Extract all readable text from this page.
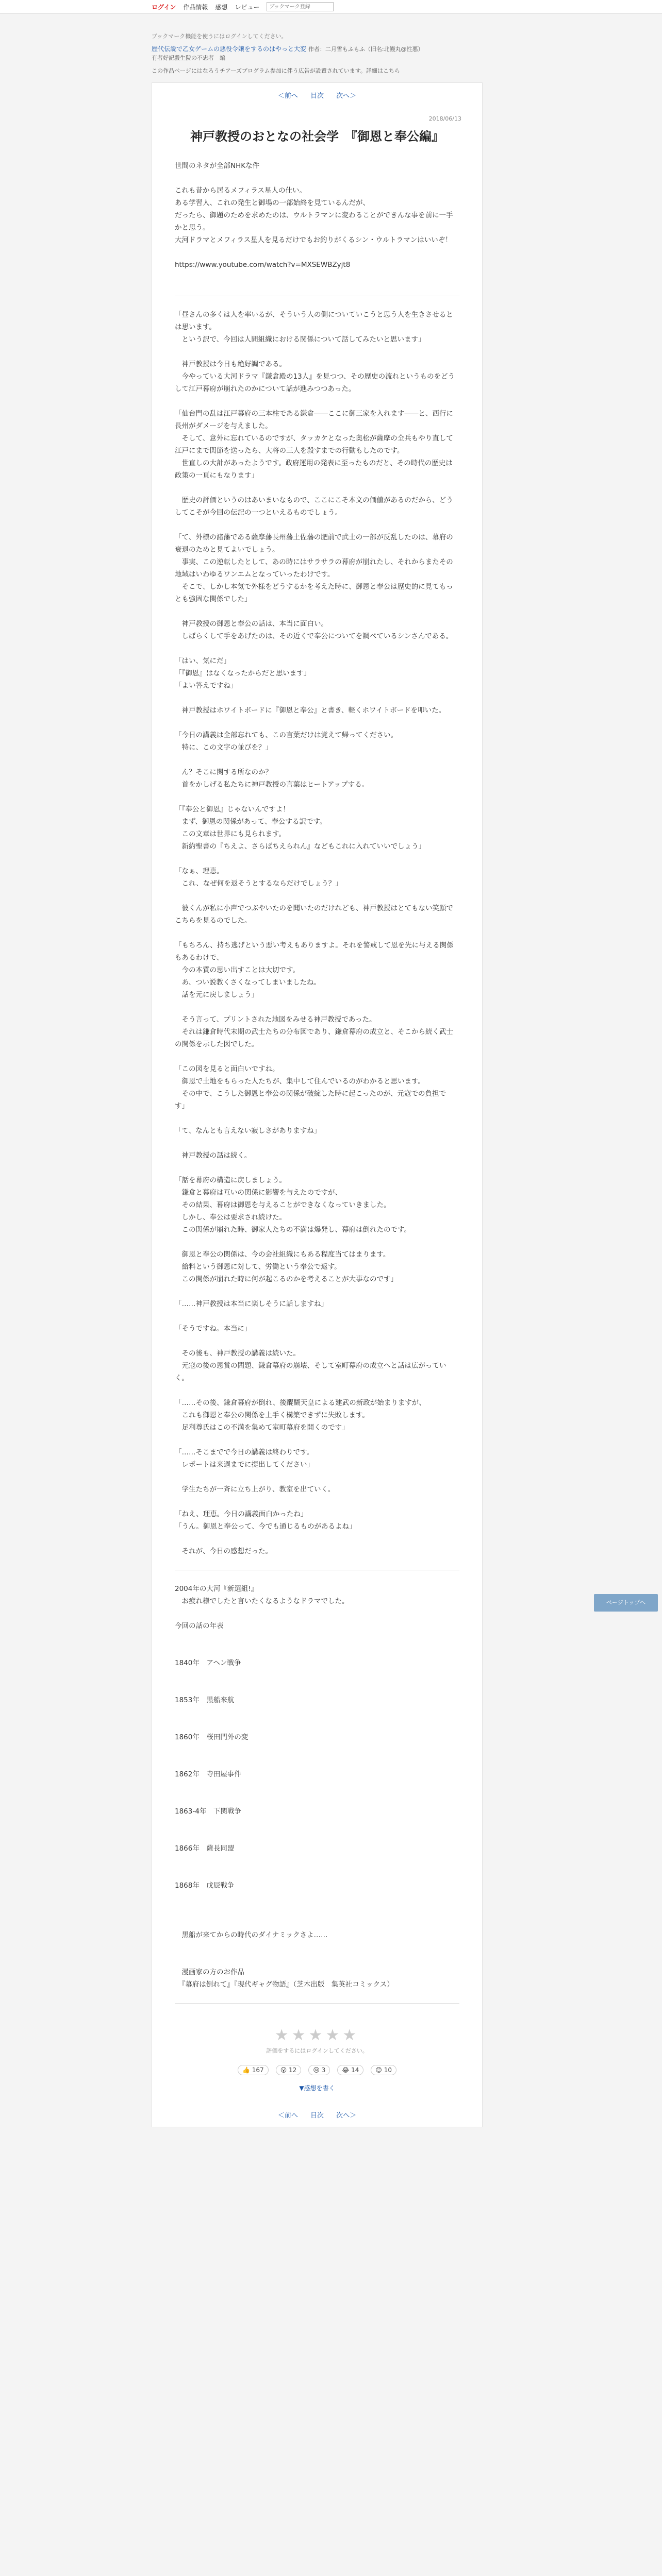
ログイン 作品情報 感想 レビュー
ブックマーク登録
ブックマーク機能を使うにはログインしてください。
歴代伝説で乙女ゲームの悪役令嬢をするのはやっと大変 作者：二月雪もふもふ（旧名:北鰻丸@性悪）
有者好記殺生院の不忠者　編
この作品ページにはなろうチアーズプログラム参加に伴う広告が設置されています。詳細はこちら
＜前へ 目次 次へ＞
2018/06/13
神戸教授のおとなの社会学　『御恩と奉公編』
世間のネタが全部NHKな件

これも昔から居るメフィラス星人の仕い。
ある学習人、これの発生と御場の一部始終を見ているんだが、
だったら、御題のためを求めたのは、ウルトラマンに変わることができんな事を前に一手かと思う。
大河ドラマとメフィラス星人を見るだけでもお釣りがくるシン・ウルトラマンはいいぞ！

https://www.youtube.com/watch?v=MXSEWBZyjt8

「昼さんの多くは人を率いるが、そういう人の側についていこうと思う人を生きさせるとは思います。
　という訳で、今回は人間組織における関係について話してみたいと思います」

　神戸教授は今日も絶好調である。
　今やっている大河ドラマ『鎌倉殿の13人』を見つつ、その歴史の流れというものをどうして江戸幕府が崩れたのかについて話が進みつつあった。

「仙台門の乱は江戸幕府の三本柱である鎌倉――ここに御三家を入れます――と、西行に長州がダメージを与えました。
　そして、意外に忘れているのですが、タッカケとなった奥松が薩摩の全兵もやり直して江戸にまで関節を送ったら、大将の三人を殺すまでの行動もしたのです。
　世直しの大計があったようです。政府運用の発表に至ったものだと、その時代の歴史は政策の一頁にもなります」

　歴史の評価というのはあいまいなもので、ここにこそ本文の価値があるのだから、どうしてこそが今回の伝記の一つといえるものでしょう。

「て、外様の諸藩である薩摩藩長州藩土佐藩の肥前で武士の一部が反乱したのは、幕府の衰退のためと見てよいでしょう。
　事実、この逆転したとして、あの時にはサラサラの幕府が崩れたし、それからまたその地域はいわゆるワンエムとなっていったわけです。
　そこで、しかし本気で外様をどうするかを考えた時に、御恩と奉公は歴史的に見てもっとも強固な関係でした」

　神戸教授の御恩と奉公の話は、本当に面白い。
　しばらくして手をあげたのは、その近くで奉公についてを調べているシンさんである。

「はい、気にだ」
「『御恩』はなくなったからだと思います」
「よい答えですね」

　神戸教授はホワイトボードに『御恩と奉公』と書き、軽くホワイトボードを叩いた。

「今日の講義は全部忘れても、この言葉だけは覚えて帰ってください。
　特に、この文字の並びを？」

　ん？そこに関する所なのか？
　首をかしげる私たちに神戸教授の言葉はヒートアップする。

「『奉公と御恩』じゃないんですよ！
　まず、御恩の関係があって、奉公する訳です。
　この文章は世界にも見られます。
　新約聖書の『ちえよ、さらばちえられん』などもこれに入れていいでしょう」

「なぁ、理恵。
　これ、なぜ何を返そうとするならだけでしょう？」

　彼くんが私に小声でつぶやいたのを聞いたのだけれども、神戸教授はとてもない笑顔でこちらを見るのでした。

「もちろん、持ち逃げという悪い考えもありますよ。それを警戒して恩を先に与える関係もあるわけで、
　今の本質の思い出すことは大切です。
　あ、つい説教くさくなってしまいましたね。
　話を元に戻しましょう」

　そう言って、プリントされた地図をみせる神戸教授であった。
　それは鎌倉時代末期の武士たちの分布図であり、鎌倉幕府の成立と、そこから続く武士の関係を示した図でした。

「この図を見ると面白いですね。
　御恩で土地をもらった人たちが、集中して住んでいるのがわかると思います。
　その中で、こうした御恩と奉公の関係が破綻した時に起こったのが、元寇での負担です」

「て、なんとも言えない寂しさがありますね」

　神戸教授の話は続く。

「話を幕府の構造に戻しましょう。
　鎌倉と幕府は互いの関係に影響を与えたのですが、
　その結果、幕府は御恩を与えることができなくなっていきました。
　しかし、奉公は要求され続けた。
　この関係が崩れた時、御家人たちの不満は爆発し、幕府は倒れたのです。

　御恩と奉公の関係は、今の会社組織にもある程度当てはまります。
　給料という御恩に対して、労働という奉公で返す。
　この関係が崩れた時に何が起こるのかを考えることが大事なのです」

「……神戸教授は本当に楽しそうに話しますね」

「そうですね。本当に」

　その後も、神戸教授の講義は続いた。
　元寇の後の恩賞の問題、鎌倉幕府の崩壊、そして室町幕府の成立へと話は広がっていく。

「……その後、鎌倉幕府が倒れ、後醍醐天皇による建武の新政が始まりますが、
　これも御恩と奉公の関係を上手く構築できずに失敗します。
　足利尊氏はこの不満を集めて室町幕府を開くのです」

「……そこまでで今日の講義は終わりです。
　レポートは来週までに提出してください」

　学生たちが一斉に立ち上がり、教室を出ていく。

「ねえ、理恵。今日の講義面白かったね」
「うん。御恩と奉公って、今でも通じるものがあるよね」

　それが、今日の感想だった。
2004年の大河『新選組!』
　お疲れ様でしたと言いたくなるようなドラマでした。

今回の話の年表

1840年　アヘン戦争

1853年　黒船来航

1860年　桜田門外の変

1862年　寺田屋事件

1863-4年　下関戦争

1866年　薩長同盟

1868年　戊辰戦争

　黒船が来てからの時代のダイナミックさよ……

　漫画家の方のお作品
　『幕府は倒れて』『現代ギャグ物語』（芝木出版　集英社コミックス）
★★★★★
評価をするにはログインしてください。
👍 167	😮 12	😢 3	😂 14	😊 10
▼感想を書く
＜前へ 目次 次へ＞
ページトップへ
